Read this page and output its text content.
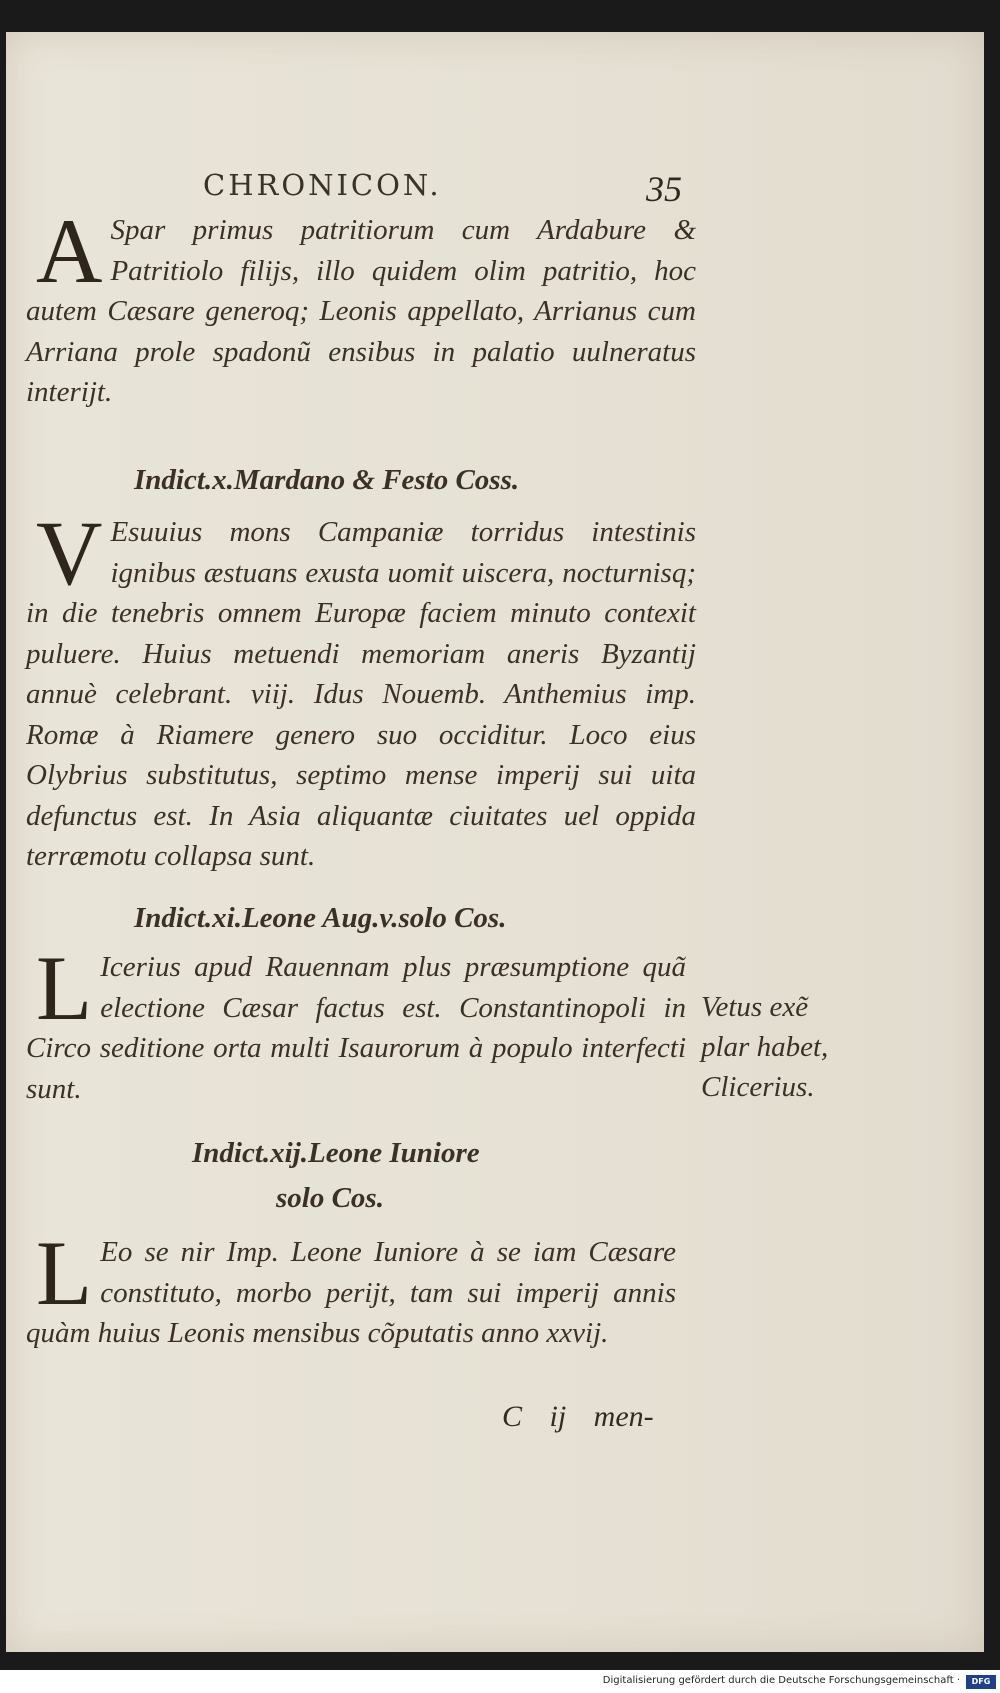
CHRONICON.	35

A Spar primus patritiorum cum Ardabure & Patritiolo filijs, illo quidem olim patritio, hoc autem Cæsare generoq; Leonis appellato, Arrianus cum Arriana prole spadonũ ensibus in palatio uulneratus interijt.

Indict.x.Mardano & Festo Coss.

V Esuuius mons Campaniæ torridus intestinis ignibus æstuans exusta uomit uiscera, nocturnisq; in die tenebris omnem Europæ faciem minuto contexit puluere. Huius metuendi memoriam aneris Byzantij annuè celebrant. viij. Idus Nouemb. Anthemius imp. Romæ à Riamere genero suo occiditur. Loco eius Olybrius substitutus, septimo mense imperij sui uita defunctus est. In Asia aliquantæ ciuitates uel oppida terræmotu collapsa sunt.

Indict.xi.Leone Aug.v.solo Cos.

L Icerius apud Rauennam plus præsumptione quã electione Cæsar factus est. Constantinopoli in Circo seditione orta multi Isaurorum à populo interfecti sunt.

Vetus exẽ
plar habet,
Clicerius.
Indict.xij.Leone Iuniore
solo Cos.

L Eo se nir Imp. Leone Iuniore à se iam Cæsare constituto, morbo perijt, tam sui imperij annis quàm huius Leonis mensibus cõputatis anno xxvij.

C ij men-
Digitalisierung gefördert durch die Deutsche Forschungsgemeinschaft ·	DFG
